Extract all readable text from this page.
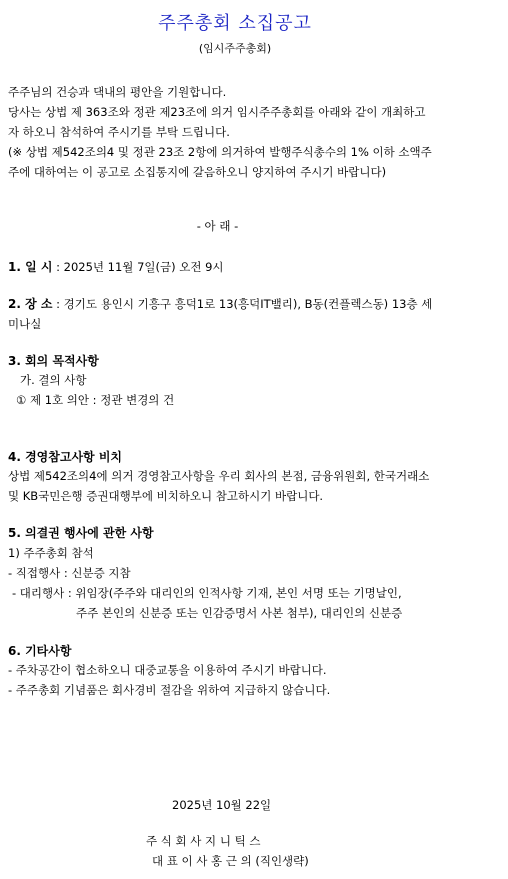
주주총회 소집공고
(임시주주총회)
주주님의 건승과 댁내의 평안을 기원합니다.
당사는 상법 제 363조와 정관 제23조에 의거 임시주주총회를 아래와 같이 개최하고
자 하오니 참석하여 주시기를 부탁 드립니다.
(※ 상법 제542조의4 및 정관 23조 2항에 의거하여 발행주식총수의 1% 이하 소액주
주에 대하여는 이 공고로 소집통지에 갈음하오니 양지하여 주시기 바랍니다)
- 아 래 -
1. 일 시 : 2025년 11월 7일(금) 오전 9시
2. 장 소 : 경기도 용인시 기흥구 흥덕1로 13(흥덕IT밸리), B동(컨플렉스동) 13층 세
미나실
3. 회의 목적사항
가. 결의 사항
① 제 1호 의안 : 정관 변경의 건
4. 경영참고사항 비치
상법 제542조의4에 의거 경영참고사항을 우리 회사의 본점, 금융위원회, 한국거래소
및 KB국민은행 증권대행부에 비치하오니 참고하시기 바랍니다.
5. 의결권 행사에 관한 사항
1) 주주총회 참석
- 직접행사 : 신분증 지참
- 대리행사 : 위임장(주주와 대리인의 인적사항 기재, 본인 서명 또는 기명날인,
주주 본인의 신분증 또는 인감증명서 사본 첨부), 대리인의 신분증
6. 기타사항
- 주차공간이 협소하오니 대중교통을 이용하여 주시기 바랍니다.
- 주주총회 기념품은 회사경비 절감을 위하여 지급하지 않습니다.
2025년 10월 22일
주 식 회 사 지 니 틱 스
대 표 이 사 홍 근 의 (직인생략)
